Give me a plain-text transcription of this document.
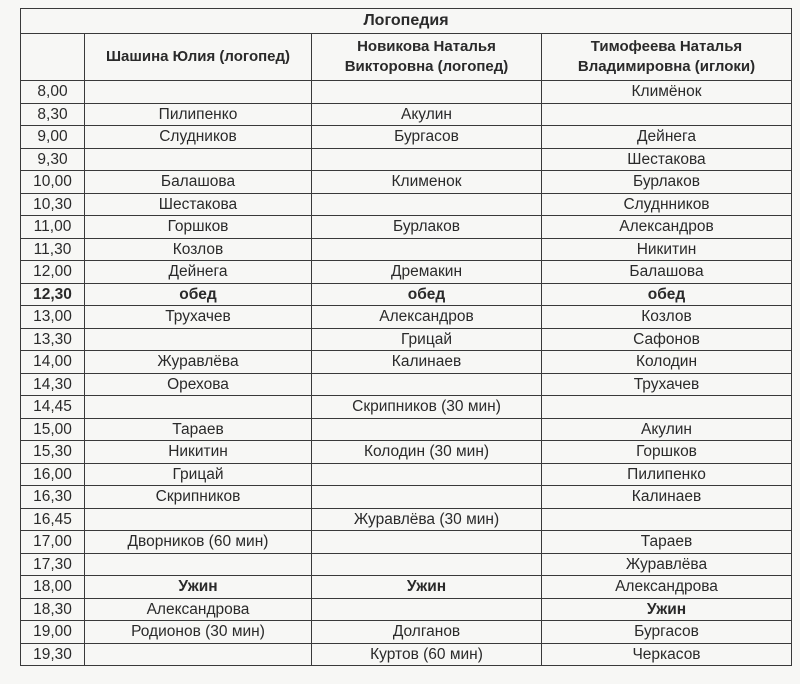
Логопедия			
	Шашина Юлия (логопед)	Новикова Наталья Викторовна (логопед)	Тимофеева Наталья Владимировна (иглоки)
8,00			Климёнок
8,30	Пилипенко	Акулин	
9,00	Слудников	Бургасов	Дейнега
9,30			Шестакова
10,00	Балашова	Клименок	Бурлаков
10,30	Шестакова		Слуднников
11,00	Горшков	Бурлаков	Александров
11,30	Козлов		Никитин
12,00	Дейнега	Дремакин	Балашова
12,30	обед	обед	обед
13,00	Трухачев	Александров	Козлов
13,30		Грицай	Сафонов
14,00	Журавлёва	Калинаев	Колодин
14,30	Орехова		Трухачев
14,45		Скрипников (30 мин)	
15,00	Тараев		Акулин
15,30	Никитин	Колодин (30 мин)	Горшков
16,00	Грицай		Пилипенко
16,30	Скрипников		Калинаев
16,45		Журавлёва (30 мин)	
17,00	Дворников (60 мин)		Тараев
17,30			Журавлёва
18,00	Ужин	Ужин	Александрова
18,30	Александрова		Ужин
19,00	Родионов (30 мин)	Долганов	Бургасов
19,30		Куртов (60 мин)	Черкасов
